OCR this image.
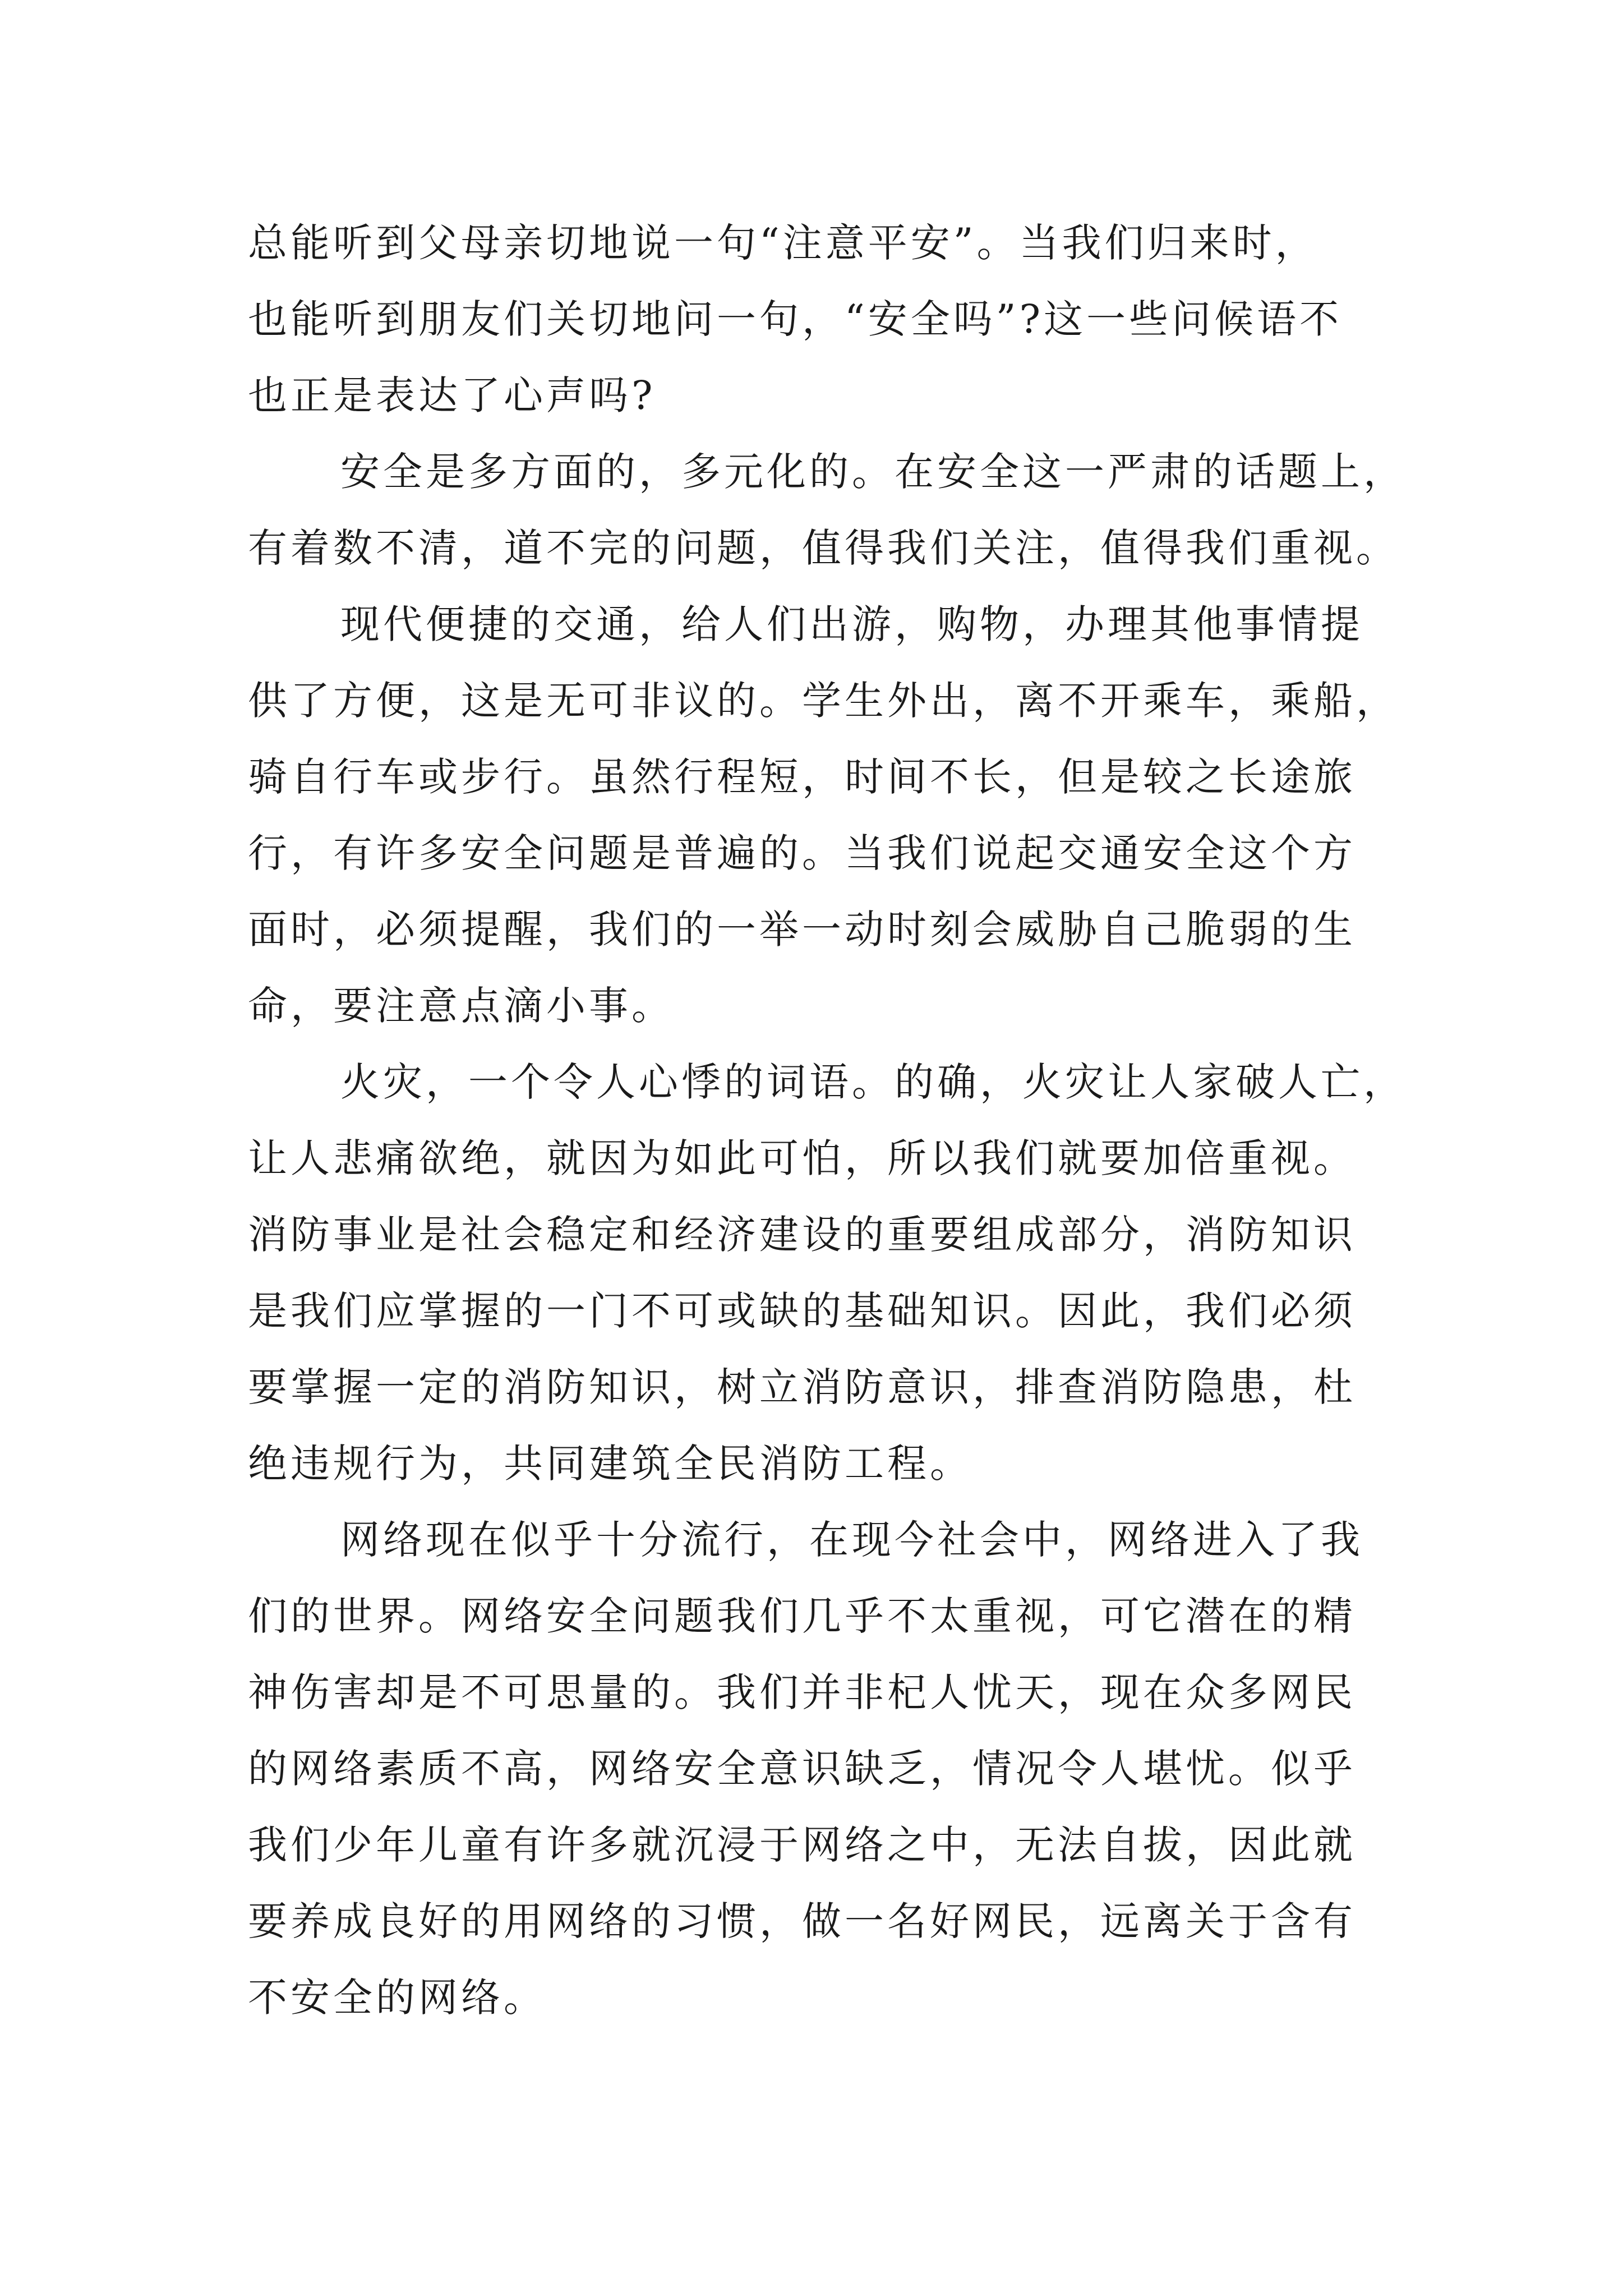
总能听到父母亲切地说一句“注意平安”。当我们归来时，
也能听到朋友们关切地问一句，“安全吗”?这一些问候语不
也正是表达了心声吗?
安全是多方面的，多元化的。在安全这一严肃的话题上，
有着数不清，道不完的问题，值得我们关注，值得我们重视。
现代便捷的交通，给人们出游，购物，办理其他事情提
供了方便，这是无可非议的。学生外出，离不开乘车，乘船，
骑自行车或步行。虽然行程短，时间不长，但是较之长途旅
行，有许多安全问题是普遍的。当我们说起交通安全这个方
面时，必须提醒，我们的一举一动时刻会威胁自己脆弱的生
命，要注意点滴小事。
火灾，一个令人心悸的词语。的确，火灾让人家破人亡，
让人悲痛欲绝，就因为如此可怕，所以我们就要加倍重视。
消防事业是社会稳定和经济建设的重要组成部分，消防知识
是我们应掌握的一门不可或缺的基础知识。因此，我们必须
要掌握一定的消防知识，树立消防意识，排查消防隐患，杜
绝违规行为，共同建筑全民消防工程。
网络现在似乎十分流行，在现今社会中，网络进入了我
们的世界。网络安全问题我们几乎不太重视，可它潜在的精
神伤害却是不可思量的。我们并非杞人忧天，现在众多网民
的网络素质不高，网络安全意识缺乏，情况令人堪忧。似乎
我们少年儿童有许多就沉浸于网络之中，无法自拔，因此就
要养成良好的用网络的习惯，做一名好网民，远离关于含有
不安全的网络。
